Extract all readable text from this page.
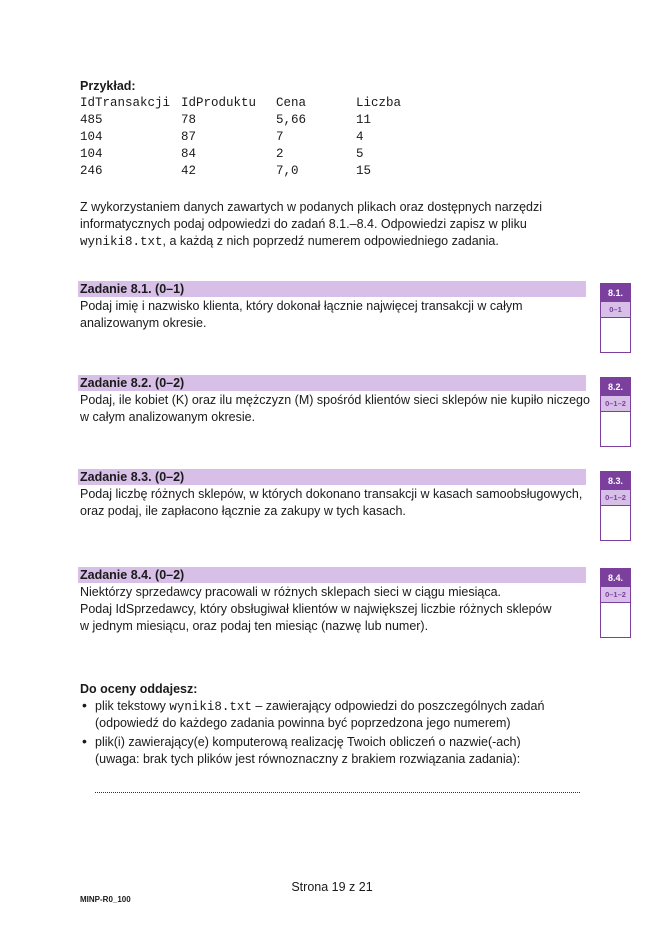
Przykład:
IdTransakcji IdProduktu Cena	Liczba
485	78	5,66	11
104	87	7	4
104	84	2	5
246	42	7,0	15
Z wykorzystaniem danych zawartych w podanych plikach oraz dostępnych narzędzi
informatycznych podaj odpowiedzi do zadań 8.1.–8.4. Odpowiedzi zapisz w pliku
wyniki8.txt, a każdą z nich poprzedź numerem odpowiedniego zadania.
Zadanie 8.1. (0–1)
Podaj imię i nazwisko klienta, który dokonał łącznie najwięcej transakcji w całym
analizowanym okresie.
8.1.
0–1
Zadanie 8.2. (0–2)
Podaj, ile kobiet (K) oraz ilu mężczyzn (M) spośród klientów sieci sklepów nie kupiło niczego
w całym analizowanym okresie.
8.2.
0–1–2
Zadanie 8.3. (0–2)
Podaj liczbę różnych sklepów, w których dokonano transakcji w kasach samoobsługowych,
oraz podaj, ile zapłacono łącznie za zakupy w tych kasach.
8.3.
0–1–2
Zadanie 8.4. (0–2)
Niektórzy sprzedawcy pracowali w różnych sklepach sieci w ciągu miesiąca.
Podaj IdSprzedawcy, który obsługiwał klientów w największej liczbie różnych sklepów
w jednym miesiącu, oraz podaj ten miesiąc (nazwę lub numer).
8.4.
0–1–2
Do oceny oddajesz:
• plik tekstowy wyniki8.txt – zawierający odpowiedzi do poszczególnych zadań
(odpowiedź do każdego zadania powinna być poprzedzona jego numerem)
• plik(i) zawierający(e) komputerową realizację Twoich obliczeń o nazwie(-ach)
(uwaga: brak tych plików jest równoznaczny z brakiem rozwiązania zadania):
Strona 19 z 21
MINP-R0_100
